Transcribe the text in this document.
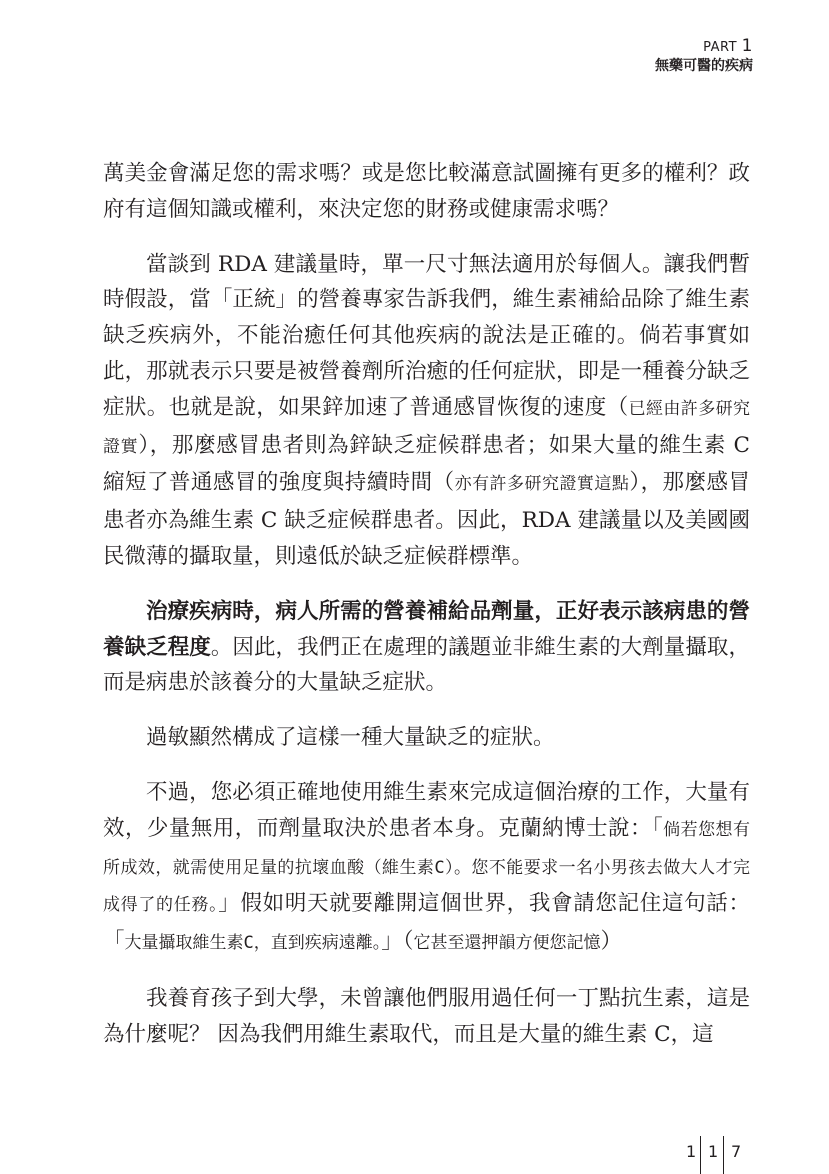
PART 1
無藥可醫的疾病

萬美金會滿足您的需求嗎？或是您比較滿意試圖擁有更多的權利？政府有這個知識或權利，來決定您的財務或健康需求嗎？

當談到 RDA 建議量時，單一尺寸無法適用於每個人。讓我們暫時假設，當「正統」的營養專家告訴我們，維生素補給品除了維生素缺乏疾病外，不能治癒任何其他疾病的說法是正確的。倘若事實如此，那就表示只要是被營養劑所治癒的任何症狀，即是一種養分缺乏症狀。也就是說，如果鋅加速了普通感冒恢復的速度（已經由許多研究證實），那麼感冒患者則為鋅缺乏症候群患者；如果大量的維生素 C 縮短了普通感冒的強度與持續時間（亦有許多研究證實這點），那麼感冒患者亦為維生素 C 缺乏症候群患者。因此，RDA 建議量以及美國國民微薄的攝取量，則遠低於缺乏症候群標準。

治療疾病時，病人所需的營養補給品劑量，正好表示該病患的營養缺乏程度。因此，我們正在處理的議題並非維生素的大劑量攝取，而是病患於該養分的大量缺乏症狀。

過敏顯然構成了這樣一種大量缺乏的症狀。

不過，您必須正確地使用維生素來完成這個治療的工作，大量有效，少量無用，而劑量取決於患者本身。克蘭納博士說：「倘若您想有所成效，就需使用足量的抗壞血酸（維生素C）。您不能要求一名小男孩去做大人才完成得了的任務。」假如明天就要離開這個世界，我會請您記住這句話：「大量攝取維生素C，直到疾病遠離。」（它甚至還押韻方便您記憶）

我養育孩子到大學，未曾讓他們服用過任何一丁點抗生素，這是為什麼呢？ 因為我們用維生素取代，而且是大量的維生素 C，這

1 1 7
